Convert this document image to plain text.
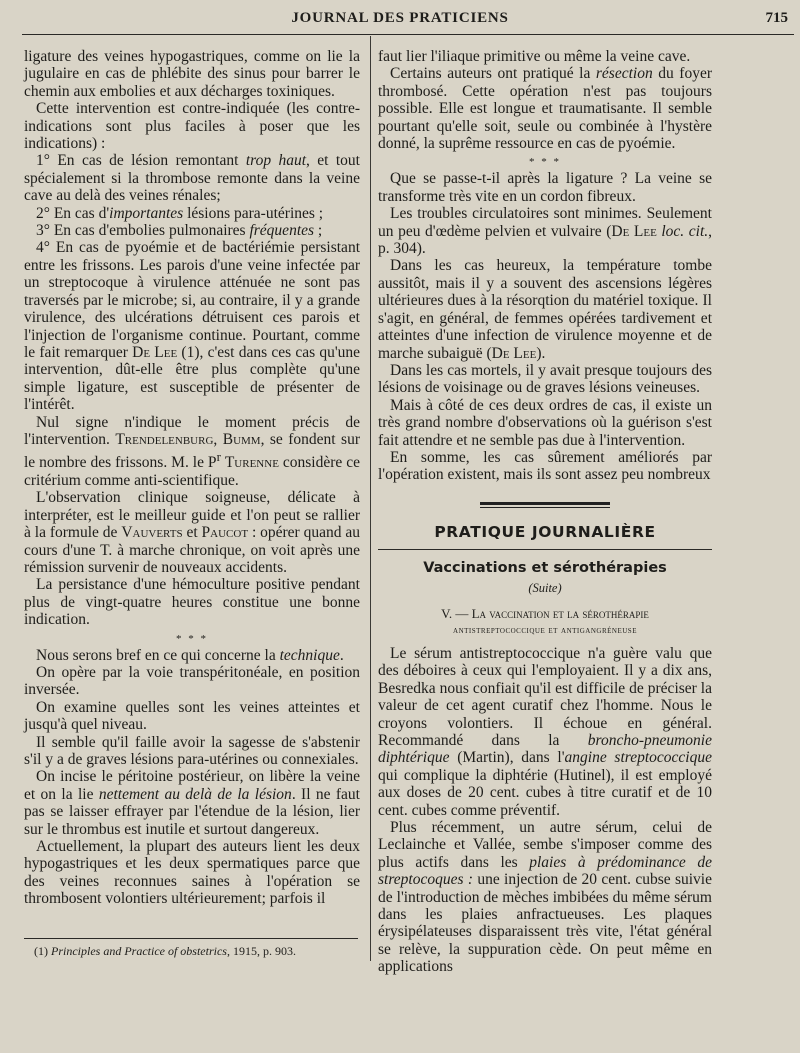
JOURNAL DES PRATICIENS	715

ligature des veines hypogastriques, comme on lie la jugulaire en cas de phlébite des sinus pour barrer le chemin aux embolies et aux décharges toxiniques.

Cette intervention est contre-indiquée (les contre-indications sont plus faciles à poser que les indications) :

1° En cas de lésion remontant trop haut, et tout spécialement si la thrombose remonte dans la veine cave au delà des veines rénales;

2° En cas d'importantes lésions para-utérines ;

3° En cas d'embolies pulmonaires fréquentes ;

4° En cas de pyoémie et de bactériémie persistant entre les frissons. Les parois d'une veine infectée par un streptocoque à virulence atténuée ne sont pas traversés par le microbe; si, au contraire, il y a grande virulence, des ulcérations détruisent ces parois et l'injection de l'organisme continue. Pourtant, comme le fait remarquer De Lee (1), c'est dans ces cas qu'une intervention, dût-elle être plus complète qu'une simple ligature, est susceptible de présenter de l'intérêt.

Nul signe n'indique le moment précis de l'intervention. Trendelenburg, Bumm, se fondent sur le nombre des frissons. M. le $P^r$ Turenne considère ce critérium comme anti-scientifique.

L'observation clinique soigneuse, délicate à interpréter, est le meilleur guide et l'on peut se rallier à la formule de Vauverts et Paucot : opérer quand au cours d'une T. à marche chronique, on voit après une rémission survenir de nouveaux accidents.

La persistance d'une hémoculture positive pendant plus de vingt-quatre heures constitue une bonne indication.

* * *

Nous serons bref en ce qui concerne la technique.

On opère par la voie transpéritonéale, en position inversée.

On examine quelles sont les veines atteintes et jusqu'à quel niveau.

Il semble qu'il faille avoir la sagesse de s'abstenir s'il y a de graves lésions para-utérines ou connexiales.

On incise le péritoine postérieur, on libère la veine et on la lie nettement au delà de la lésion. Il ne faut pas se laisser effrayer par l'étendue de la lésion, lier sur le thrombus est inutile et surtout dangereux.

Actuellement, la plupart des auteurs lient les deux hypogastriques et les deux spermatiques parce que des veines reconnues saines à l'opération se thrombosent volontiers ultérieurement; parfois il

(1) Principles and Practice of obstetrics, 1915, p. 903.

faut lier l'iliaque primitive ou même la veine cave.

Certains auteurs ont pratiqué la résection du foyer thrombosé. Cette opération n'est pas toujours possible. Elle est longue et traumatisante. Il semble pourtant qu'elle soit, seule ou combinée à l'hystère donné, la suprême ressource en cas de pyoémie.

* * *

Que se passe-t-il après la ligature ? La veine se transforme très vite en un cordon fibreux.

Les troubles circulatoires sont minimes. Seulement un peu d'œdème pelvien et vulvaire (De Lee loc. cit., p. 304).

Dans les cas heureux, la température tombe aussitôt, mais il y a souvent des ascensions légères ultérieures dues à la résorqtion du matériel toxique. Il s'agit, en général, de femmes opérées tardivement et atteintes d'une infection de virulence moyenne et de marche subaiguë (De Lee).

Dans les cas mortels, il y avait presque toujours des lésions de voisinage ou de graves lésions veineuses.

Mais à côté de ces deux ordres de cas, il existe un très grand nombre d'observations où la guérison s'est fait attendre et ne semble pas due à l'intervention.

En somme, les cas sûrement améliorés par l'opération existent, mais ils sont assez peu nombreux

PRATIQUE JOURNALIÈRE
Vaccinations et sérothérapies
(Suite)
V. — La vaccination et la sérothérapie
antistreptococcique et antigangréneuse

Le sérum antistreptococcique n'a guère valu que des déboires à ceux qui l'employaient. Il y a dix ans, Besredka nous confiait qu'il est difficile de préciser la valeur de cet agent curatif chez l'homme. Nous le croyons volontiers. Il échoue en général. Recommandé dans la broncho-pneumonie diphtérique (Martin), dans l'angine streptococcique qui complique la diphtérie (Hutinel), il est employé aux doses de 20 cent. cubes à titre curatif et de 10 cent. cubes comme préventif.

Plus récemment, un autre sérum, celui de Leclainche et Vallée, sembe s'imposer comme des plus actifs dans les plaies à prédominance de streptocoques : une injection de 20 cent. cubse suivie de l'introduction de mèches imbibées du même sérum dans les plaies anfractueuses. Les plaques érysipélateuses disparaissent très vite, l'état général se relève, la suppuration cède. On peut même en applications
